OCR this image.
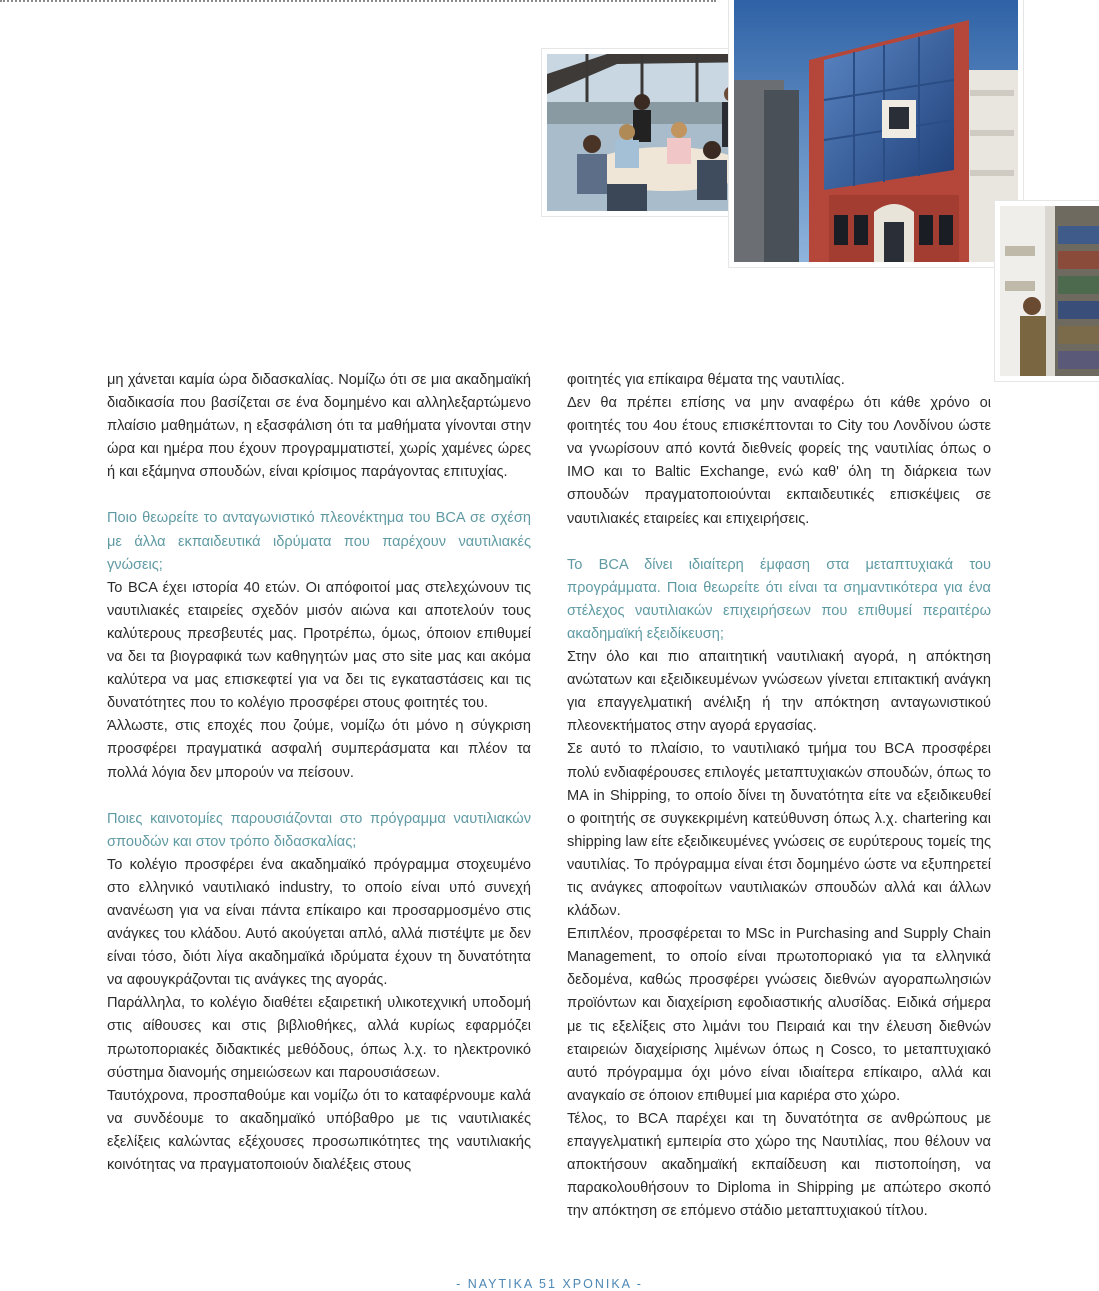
μη χάνεται καμία ώρα διδασκαλίας. Νομίζω ότι σε μια ακαδημαϊκή διαδικασία που βασίζεται σε ένα δομημένο και αλληλεξαρτώμενο πλαίσιο μαθημάτων, η εξασφάλιση ότι τα μαθήματα γίνονται στην ώρα και ημέρα που έχουν προγραμματιστεί, χωρίς χαμένες ώρες ή και εξάμηνα σπουδών, είναι κρίσιμος παράγοντας επιτυχίας.

Ποιο θεωρείτε το ανταγωνιστικό πλεονέκτημα του BCA σε σχέση με άλλα εκπαιδευτικά ιδρύματα που παρέχουν ναυτιλιακές γνώσεις;

Το BCA έχει ιστορία 40 ετών. Οι απόφοιτοί μας στελεχώνουν τις ναυτιλιακές εταιρείες σχεδόν μισόν αιώνα και αποτελούν τους καλύτερους πρεσβευτές μας. Προτρέπω, όμως, όποιον επιθυμεί να δει τα βιογραφικά των καθηγητών μας στο site μας και ακόμα καλύτερα να μας επισκεφτεί για να δει τις εγκαταστάσεις και τις δυνατότητες που το κολέγιο προσφέρει στους φοιτητές του.

Άλλωστε, στις εποχές που ζούμε, νομίζω ότι μόνο η σύγκριση προσφέρει πραγματικά ασφαλή συμπεράσματα και πλέον τα πολλά λόγια δεν μπορούν να πείσουν.

Ποιες καινοτομίες παρουσιάζονται στο πρόγραμμα ναυτιλιακών σπουδών και στον τρόπο διδασκαλίας;

Το κολέγιο προσφέρει ένα ακαδημαϊκό πρόγραμμα στοχευμένο στο ελληνικό ναυτιλιακό industry, το οποίο είναι υπό συνεχή ανανέωση για να είναι πάντα επίκαιρο και προσαρμοσμένο στις ανάγκες του κλάδου. Αυτό ακούγεται απλό, αλλά πιστέψτε με δεν είναι τόσο, διότι λίγα ακαδημαϊκά ιδρύματα έχουν τη δυνατότητα να αφουγκράζονται τις ανάγκες της αγοράς.

Παράλληλα, το κολέγιο διαθέτει εξαιρετική υλικοτεχνική υποδομή στις αίθουσες και στις βιβλιοθήκες, αλλά κυρίως εφαρμόζει πρωτοποριακές διδακτικές μεθόδους, όπως λ.χ. το ηλεκτρονικό σύστημα διανομής σημειώσεων και παρουσιάσεων.

Ταυτόχρονα, προσπαθούμε και νομίζω ότι το καταφέρνουμε καλά να συνδέουμε το ακαδημαϊκό υπόβαθρο με τις ναυτιλιακές εξελίξεις καλώντας εξέχουσες προσωπικότητες της ναυτιλιακής κοινότητας να πραγματοποιούν διαλέξεις στους

φοιτητές για επίκαιρα θέματα της ναυτιλίας.

Δεν θα πρέπει επίσης να μην αναφέρω ότι κάθε χρόνο οι φοιτητές του 4ου έτους επισκέπτονται το City του Λονδίνου ώστε να γνωρίσουν από κοντά διεθνείς φορείς της ναυτιλίας όπως ο IMO και το Baltic Exchange, ενώ καθ' όλη τη διάρκεια των σπουδών πραγματοποιούνται εκπαιδευτικές επισκέψεις σε ναυτιλιακές εταιρείες και επιχειρήσεις.

Το BCA δίνει ιδιαίτερη έμφαση στα μεταπτυχιακά του προγράμματα. Ποια θεωρείτε ότι είναι τα σημαντικότερα για ένα στέλεχος ναυτιλιακών επιχειρήσεων που επιθυμεί περαιτέρω ακαδημαϊκή εξειδίκευση;

Στην όλο και πιο απαιτητική ναυτιλιακή αγορά, η απόκτηση ανώτατων και εξειδικευμένων γνώσεων γίνεται επιτακτική ανάγκη για επαγγελματική ανέλιξη ή την απόκτηση ανταγωνιστικού πλεονεκτήματος στην αγορά εργασίας.

Σε αυτό το πλαίσιο, το ναυτιλιακό τμήμα του BCA προσφέρει πολύ ενδιαφέρουσες επιλογές μεταπτυχιακών σπουδών, όπως το MA in Shipping, το οποίο δίνει τη δυνατότητα είτε να εξειδικευθεί ο φοιτητής σε συγκεκριμένη κατεύθυνση όπως λ.χ. chartering και shipping law είτε εξειδικευμένες γνώσεις σε ευρύτερους τομείς της ναυτιλίας. Το πρόγραμμα είναι έτσι δομημένο ώστε να εξυπηρετεί τις ανάγκες αποφοίτων ναυτιλιακών σπουδών αλλά και άλλων κλάδων.

Επιπλέον, προσφέρεται το MSc in Purchasing and Supply Chain Management, το οποίο είναι πρωτοποριακό για τα ελληνικά δεδομένα, καθώς προσφέρει γνώσεις διεθνών αγοραπωλησιών προϊόντων και διαχείριση εφοδιαστικής αλυσίδας. Ειδικά σήμερα με τις εξελίξεις στο λιμάνι του Πειραιά και την έλευση διεθνών εταιρειών διαχείρισης λιμένων όπως η Cosco, το μεταπτυχιακό αυτό πρόγραμμα όχι μόνο είναι ιδιαίτερα επίκαιρο, αλλά και αναγκαίο σε όποιον επιθυμεί μια καριέρα στο χώρο.

Τέλος, το BCA παρέχει και τη δυνατότητα σε ανθρώπους με επαγγελματική εμπειρία στο χώρο της Ναυτιλίας, που θέλουν να αποκτήσουν ακαδημαϊκή εκπαίδευση και πιστοποίηση, να παρακολουθήσουν το Diploma in Shipping με απώτερο σκοπό την απόκτηση σε επόμενο στάδιο μεταπτυχιακού τίτλου.

- ΝΑΥΤΙΚΑ 51 ΧΡΟΝΙΚΑ -
